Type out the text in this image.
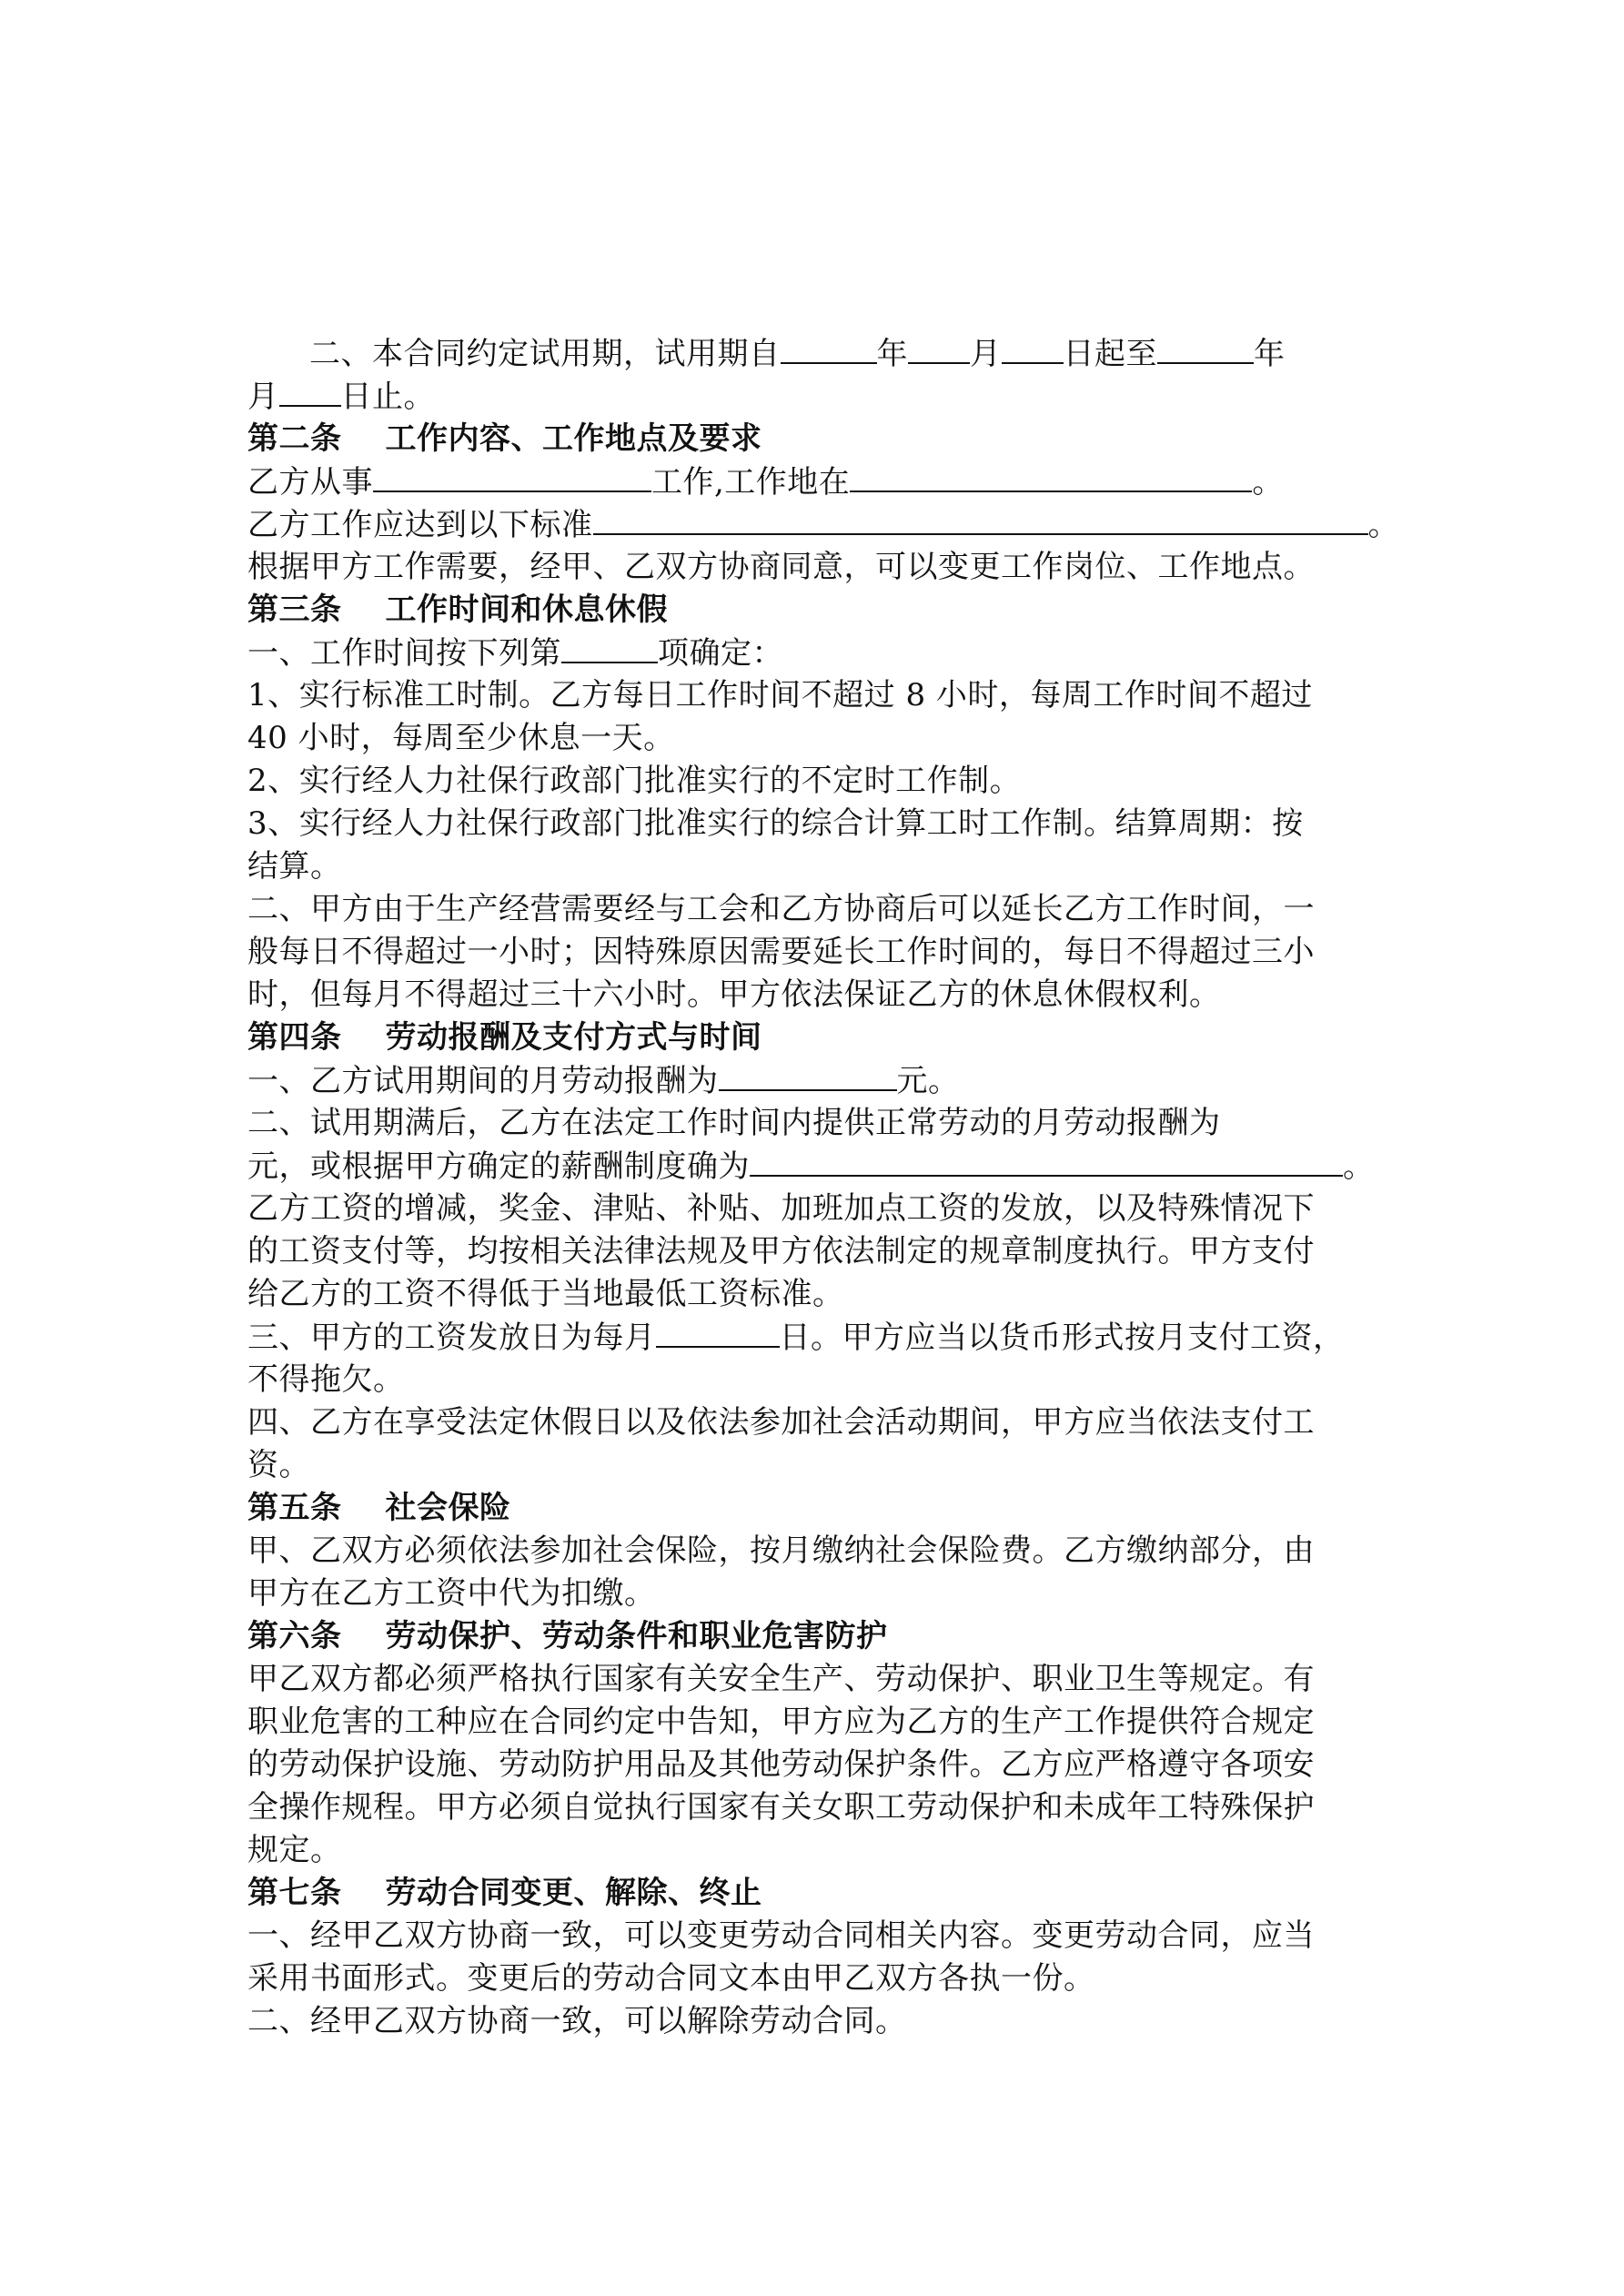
二、本合同约定试用期，试用期自	年 月 日起至	年
月 日止。
第二条 工作内容、工作地点及要求
乙方从事	工作,工作地在	。
乙方工作应达到以下标准	。
根据甲方工作需要，经甲、乙双方协商同意，可以变更工作岗位、工作地点。
第三条 工作时间和休息休假
一、工作时间按下列第	项确定：
1、实行标准工时制。乙方每日工作时间不超过 8 小时，每周工作时间不超过
40 小时，每周至少休息一天。
2、实行经人力社保行政部门批准实行的不定时工作制。
3、实行经人力社保行政部门批准实行的综合计算工时工作制。结算周期：按
结算。
二、甲方由于生产经营需要经与工会和乙方协商后可以延长乙方工作时间，一
般每日不得超过一小时；因特殊原因需要延长工作时间的，每日不得超过三小
时，但每月不得超过三十六小时。甲方依法保证乙方的休息休假权利。
第四条 劳动报酬及支付方式与时间
一、乙方试用期间的月劳动报酬为	元。
二、试用期满后，乙方在法定工作时间内提供正常劳动的月劳动报酬为
元，或根据甲方确定的薪酬制度确为	。
乙方工资的增减，奖金、津贴、补贴、加班加点工资的发放，以及特殊情况下
的工资支付等，均按相关法律法规及甲方依法制定的规章制度执行。甲方支付
给乙方的工资不得低于当地最低工资标准。
三、甲方的工资发放日为每月	日。甲方应当以货币形式按月支付工资，
不得拖欠。
四、乙方在享受法定休假日以及依法参加社会活动期间，甲方应当依法支付工
资。
第五条 社会保险
甲、乙双方必须依法参加社会保险，按月缴纳社会保险费。乙方缴纳部分，由
甲方在乙方工资中代为扣缴。
第六条 劳动保护、劳动条件和职业危害防护
甲乙双方都必须严格执行国家有关安全生产、劳动保护、职业卫生等规定。有
职业危害的工种应在合同约定中告知，甲方应为乙方的生产工作提供符合规定
的劳动保护设施、劳动防护用品及其他劳动保护条件。乙方应严格遵守各项安
全操作规程。甲方必须自觉执行国家有关女职工劳动保护和未成年工特殊保护
规定。
第七条 劳动合同变更、解除、终止
一、经甲乙双方协商一致，可以变更劳动合同相关内容。变更劳动合同，应当
采用书面形式。变更后的劳动合同文本由甲乙双方各执一份。
二、经甲乙双方协商一致，可以解除劳动合同。
